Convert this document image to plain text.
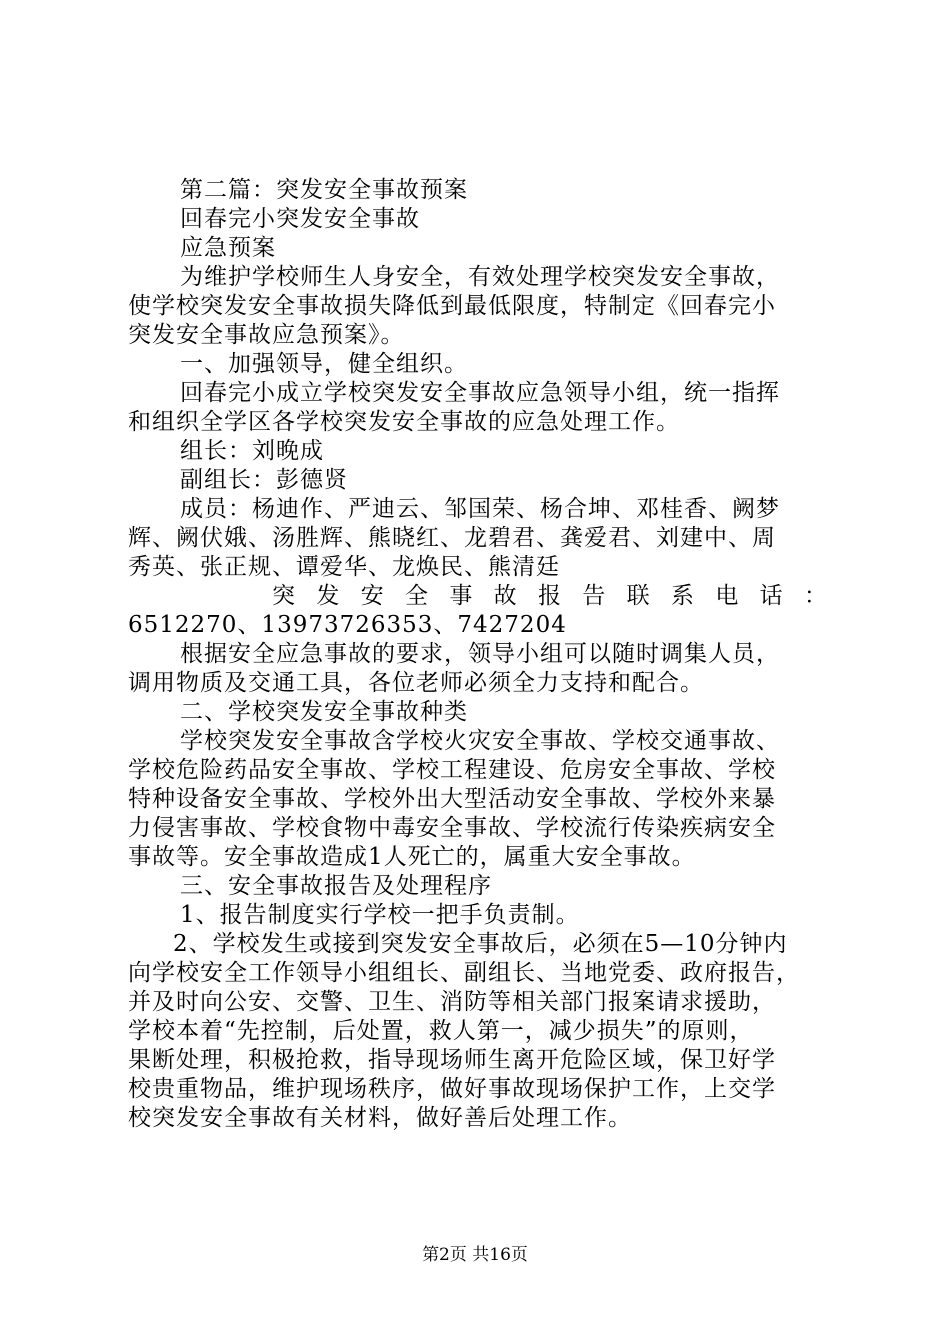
第二篇：突发安全事故预案
回春完小突发安全事故
应急预案
为维护学校师生人身安全，有效处理学校突发安全事故，
使学校突发安全事故损失降低到最低限度，特制定《回春完小
突发安全事故应急预案》。
一、加强领导，健全组织。
回春完小成立学校突发安全事故应急领导小组，统一指挥
和组织全学区各学校突发安全事故的应急处理工作。
组长：刘晚成
副组长：彭德贤
成员：杨迪作、严迪云、邹国荣、杨合坤、邓桂香、阙梦
辉、阙伏娥、汤胜辉、熊晓红、龙碧君、龚爱君、刘建中、周
秀英、张正规、谭爱华、龙焕民、熊清廷
突发安全事故报告联系电话：
6512270、13973726353、7427204
根据安全应急事故的要求，领导小组可以随时调集人员，
调用物质及交通工具，各位老师必须全力支持和配合。
二、学校突发安全事故种类
学校突发安全事故含学校火灾安全事故、学校交通事故、
学校危险药品安全事故、学校工程建设、危房安全事故、学校
特种设备安全事故、学校外出大型活动安全事故、学校外来暴
力侵害事故、学校食物中毒安全事故、学校流行传染疾病安全
事故等。安全事故造成1人死亡的，属重大安全事故。
三、安全事故报告及处理程序
1、报告制度实行学校一把手负责制。
2、学校发生或接到突发安全事故后，必须在5—10分钟内
向学校安全工作领导小组组长、副组长、当地党委、政府报告，
并及时向公安、交警、卫生、消防等相关部门报案请求援助，
学校本着“先控制，后处置，救人第一，减少损失”的原则，
果断处理，积极抢救，指导现场师生离开危险区域，保卫好学
校贵重物品，维护现场秩序，做好事故现场保护工作，上交学
校突发安全事故有关材料，做好善后处理工作。
第2页 共16页
